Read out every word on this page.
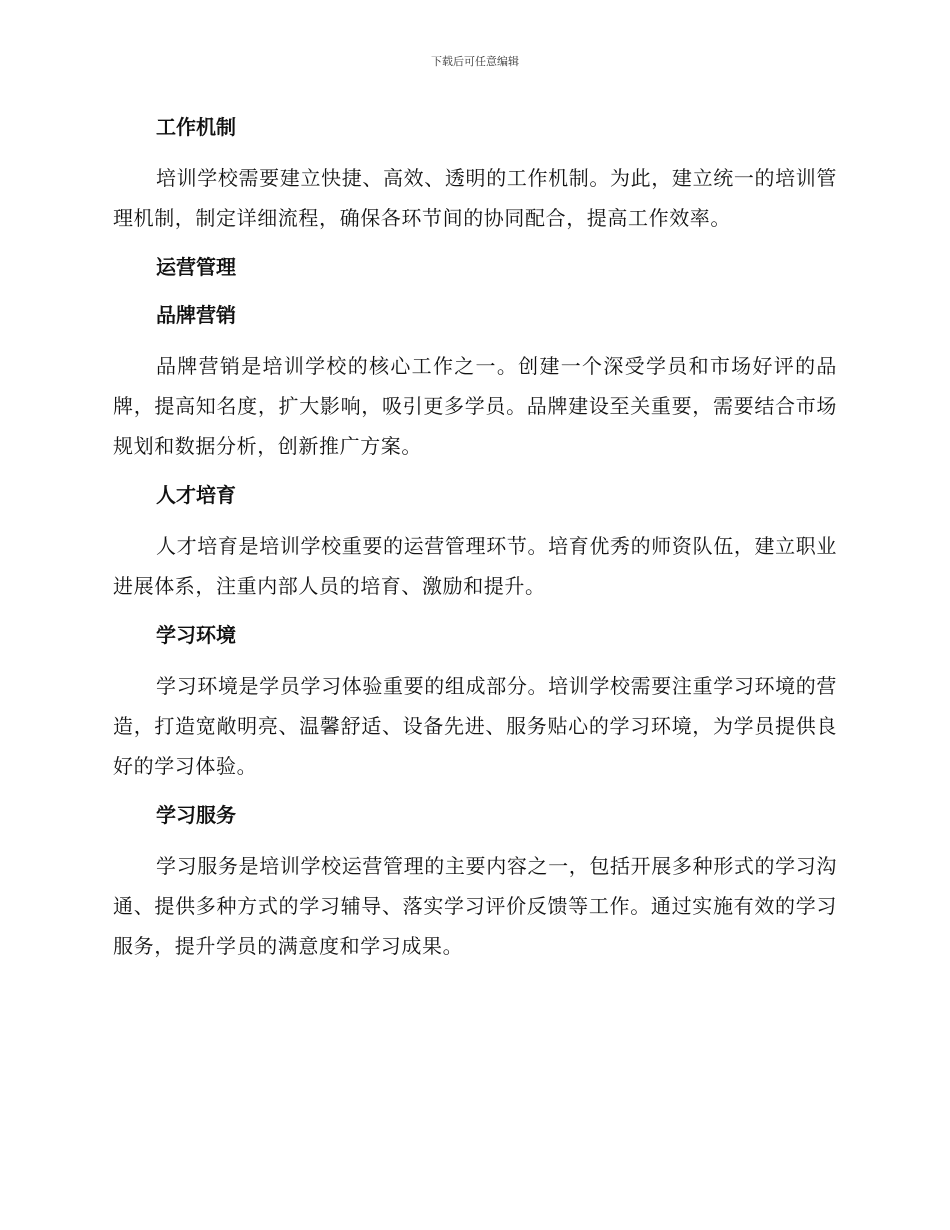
下载后可任意编辑
工作机制

培训学校需要建立快捷、高效、透明的工作机制。为此，建立统一的培训管理机制，制定详细流程，确保各环节间的协同配合，提高工作效率。

运营管理
品牌营销

品牌营销是培训学校的核心工作之一。创建一个深受学员和市场好评的品牌，提高知名度，扩大影响，吸引更多学员。品牌建设至关重要，需要结合市场规划和数据分析，创新推广方案。

人才培育

人才培育是培训学校重要的运营管理环节。培育优秀的师资队伍，建立职业进展体系，注重内部人员的培育、激励和提升。

学习环境

学习环境是学员学习体验重要的组成部分。培训学校需要注重学习环境的营造，打造宽敞明亮、温馨舒适、设备先进、服务贴心的学习环境，为学员提供良好的学习体验。

学习服务

学习服务是培训学校运营管理的主要内容之一，包括开展多种形式的学习沟通、提供多种方式的学习辅导、落实学习评价反馈等工作。通过实施有效的学习服务，提升学员的满意度和学习成果。
